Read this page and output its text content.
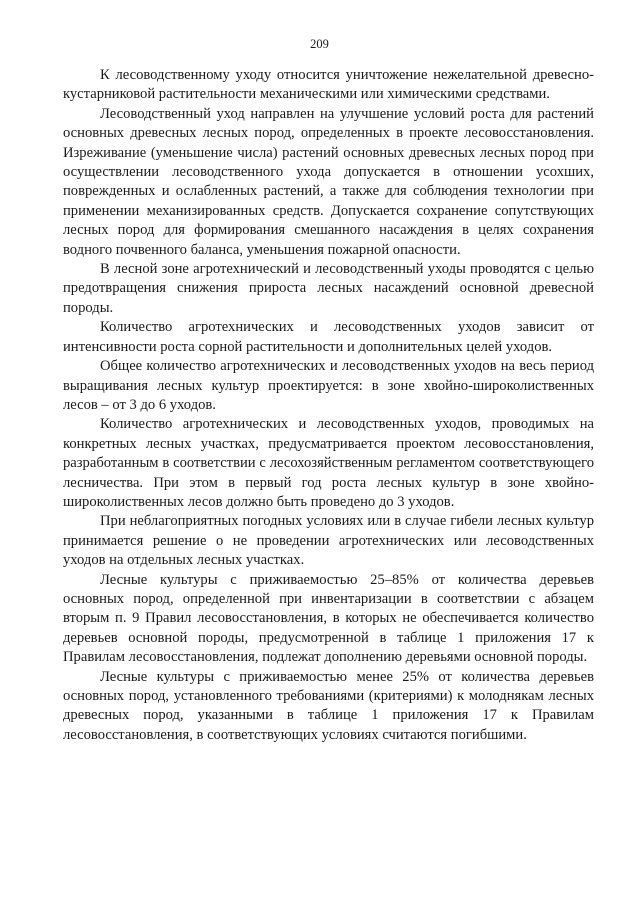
209

К лесоводственному уходу относится уничтожение нежелательной древесно-кустарниковой растительности механическими или химическими средствами.

Лесоводственный уход направлен на улучшение условий роста для растений основных древесных лесных пород, определенных в проекте лесовосстановления. Изреживание (уменьшение числа) растений основных древесных лесных пород при осуществлении лесоводственного ухода допускается в отношении усохших, поврежденных и ослабленных растений, а также для соблюдения технологии при применении механизированных средств. Допускается сохранение сопутствующих лесных пород для формирования смешанного насаждения в целях сохранения водного почвенного баланса, уменьшения пожарной опасности.

В лесной зоне агротехнический и лесоводственный уходы проводятся с целью предотвращения снижения прироста лесных насаждений основной древесной породы.

Количество агротехнических и лесоводственных уходов зависит от интенсивности роста сорной растительности и дополнительных целей уходов.

Общее количество агротехнических и лесоводственных уходов на весь период выращивания лесных культур проектируется: в зоне хвойно-широколиственных лесов – от 3 до 6 уходов.

Количество агротехнических и лесоводственных уходов, проводимых на конкретных лесных участках, предусматривается проектом лесовосстановления, разработанным в соответствии с лесохозяйственным регламентом соответствующего лесничества. При этом в первый год роста лесных культур в зоне хвойно-широколиственных лесов должно быть проведено до 3 уходов.

При неблагоприятных погодных условиях или в случае гибели лесных культур принимается решение о не проведении агротехнических или лесоводственных уходов на отдельных лесных участках.

Лесные культуры с приживаемостью 25–85% от количества деревьев основных пород, определенной при инвентаризации в соответствии с абзацем вторым п. 9 Правил лесовосстановления, в которых не обеспечивается количество деревьев основной породы, предусмотренной в таблице 1 приложения 17 к Правилам лесовосстановления, подлежат дополнению деревьями основной породы.

Лесные культуры с приживаемостью менее 25% от количества деревьев основных пород, установленного требованиями (критериями) к молоднякам лесных древесных пород, указанными в таблице 1 приложения 17 к Правилам лесовосстановления, в соответствующих условиях считаются погибшими.
